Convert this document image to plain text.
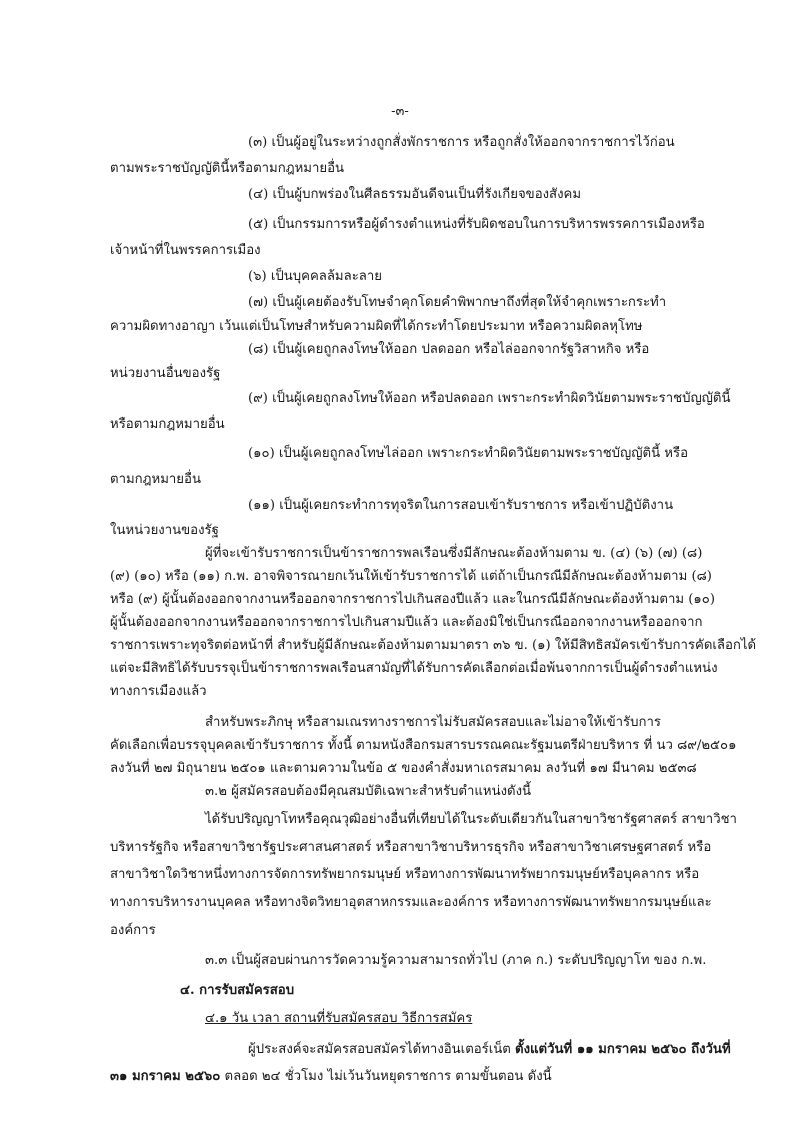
-๓-
(๓) เป็นผู้อยู่ในระหว่างถูกสั่งพักราชการ หรือถูกสั่งให้ออกจากราชการไว้ก่อน
ตามพระราชบัญญัตินี้หรือตามกฎหมายอื่น
(๔) เป็นผู้บกพร่องในศีลธรรมอันดีจนเป็นที่รังเกียจของสังคม
(๕) เป็นกรรมการหรือผู้ดำรงตำแหน่งที่รับผิดชอบในการบริหารพรรคการเมืองหรือ
เจ้าหน้าที่ในพรรคการเมือง
(๖) เป็นบุคคลล้มละลาย
(๗) เป็นผู้เคยต้องรับโทษจำคุกโดยคำพิพากษาถึงที่สุดให้จำคุกเพราะกระทำ
ความผิดทางอาญา เว้นแต่เป็นโทษสำหรับความผิดที่ได้กระทำโดยประมาท หรือความผิดลหุโทษ
(๘) เป็นผู้เคยถูกลงโทษให้ออก ปลดออก หรือไล่ออกจากรัฐวิสาหกิจ หรือ
หน่วยงานอื่นของรัฐ
(๙) เป็นผู้เคยถูกลงโทษให้ออก หรือปลดออก เพราะกระทำผิดวินัยตามพระราชบัญญัตินี้
หรือตามกฎหมายอื่น
(๑๐) เป็นผู้เคยถูกลงโทษไล่ออก เพราะกระทำผิดวินัยตามพระราชบัญญัตินี้ หรือ
ตามกฎหมายอื่น
(๑๑) เป็นผู้เคยกระทำการทุจริตในการสอบเข้ารับราชการ หรือเข้าปฏิบัติงาน
ในหน่วยงานของรัฐ
ผู้ที่จะเข้ารับราชการเป็นข้าราชการพลเรือนซึ่งมีลักษณะต้องห้ามตาม ข. (๔) (๖) (๗) (๘)
(๙) (๑๐) หรือ (๑๑) ก.พ. อาจพิจารณายกเว้นให้เข้ารับราชการได้ แต่ถ้าเป็นกรณีมีลักษณะต้องห้ามตาม (๘)
หรือ (๙) ผู้นั้นต้องออกจากงานหรือออกจากราชการไปเกินสองปีแล้ว และในกรณีมีลักษณะต้องห้ามตาม (๑๐)
ผู้นั้นต้องออกจากงานหรือออกจากราชการไปเกินสามปีแล้ว และต้องมิใช่เป็นกรณีออกจากงานหรือออกจาก
ราชการเพราะทุจริตต่อหน้าที่ สำหรับผู้มีลักษณะต้องห้ามตามมาตรา ๓๖ ข. (๑) ให้มีสิทธิสมัครเข้ารับการคัดเลือกได้
แต่จะมีสิทธิได้รับบรรจุเป็นข้าราชการพลเรือนสามัญที่ได้รับการคัดเลือกต่อเมื่อพ้นจากการเป็นผู้ดำรงตำแหน่ง
ทางการเมืองแล้ว
สำหรับพระภิกษุ หรือสามเณรทางราชการไม่รับสมัครสอบและไม่อาจให้เข้ารับการ
คัดเลือกเพื่อบรรจุบุคคลเข้ารับราชการ ทั้งนี้ ตามหนังสือกรมสารบรรณคณะรัฐมนตรีฝ่ายบริหาร ที่ นว ๘๙/๒๕๐๑
ลงวันที่ ๒๗ มิถุนายน ๒๕๐๑ และตามความในข้อ ๕ ของคำสั่งมหาเถรสมาคม ลงวันที่ ๑๗ มีนาคม ๒๕๓๘
๓.๒ ผู้สมัครสอบต้องมีคุณสมบัติเฉพาะสำหรับตำแหน่งดังนี้
ได้รับปริญญาโทหรือคุณวุฒิอย่างอื่นที่เทียบได้ในระดับเดียวกันในสาขาวิชารัฐศาสตร์ สาขาวิชา
บริหารรัฐกิจ หรือสาขาวิชารัฐประศาสนศาสตร์ หรือสาขาวิชาบริหารธุรกิจ หรือสาขาวิชาเศรษฐศาสตร์ หรือ
สาขาวิชาใดวิชาหนึ่งทางการจัดการทรัพยากรมนุษย์ หรือทางการพัฒนาทรัพยากรมนุษย์หรือบุคลากร หรือ
ทางการบริหารงานบุคคล หรือทางจิตวิทยาอุตสาหกรรมและองค์การ หรือทางการพัฒนาทรัพยากรมนุษย์และ
องค์การ
๓.๓ เป็นผู้สอบผ่านการวัดความรู้ความสามารถทั่วไป (ภาค ก.) ระดับปริญญาโท ของ ก.พ.
๔. การรับสมัครสอบ
๔.๑ วัน เวลา สถานที่รับสมัครสอบ วิธีการสมัคร
ผู้ประสงค์จะสมัครสอบสมัครได้ทางอินเตอร์เน็ต ตั้งแต่วันที่ ๑๑ มกราคม ๒๕๖๐ ถึงวันที่
๓๑ มกราคม ๒๕๖๐ ตลอด ๒๔ ชั่วโมง ไม่เว้นวันหยุดราชการ ตามขั้นตอน ดังนี้
